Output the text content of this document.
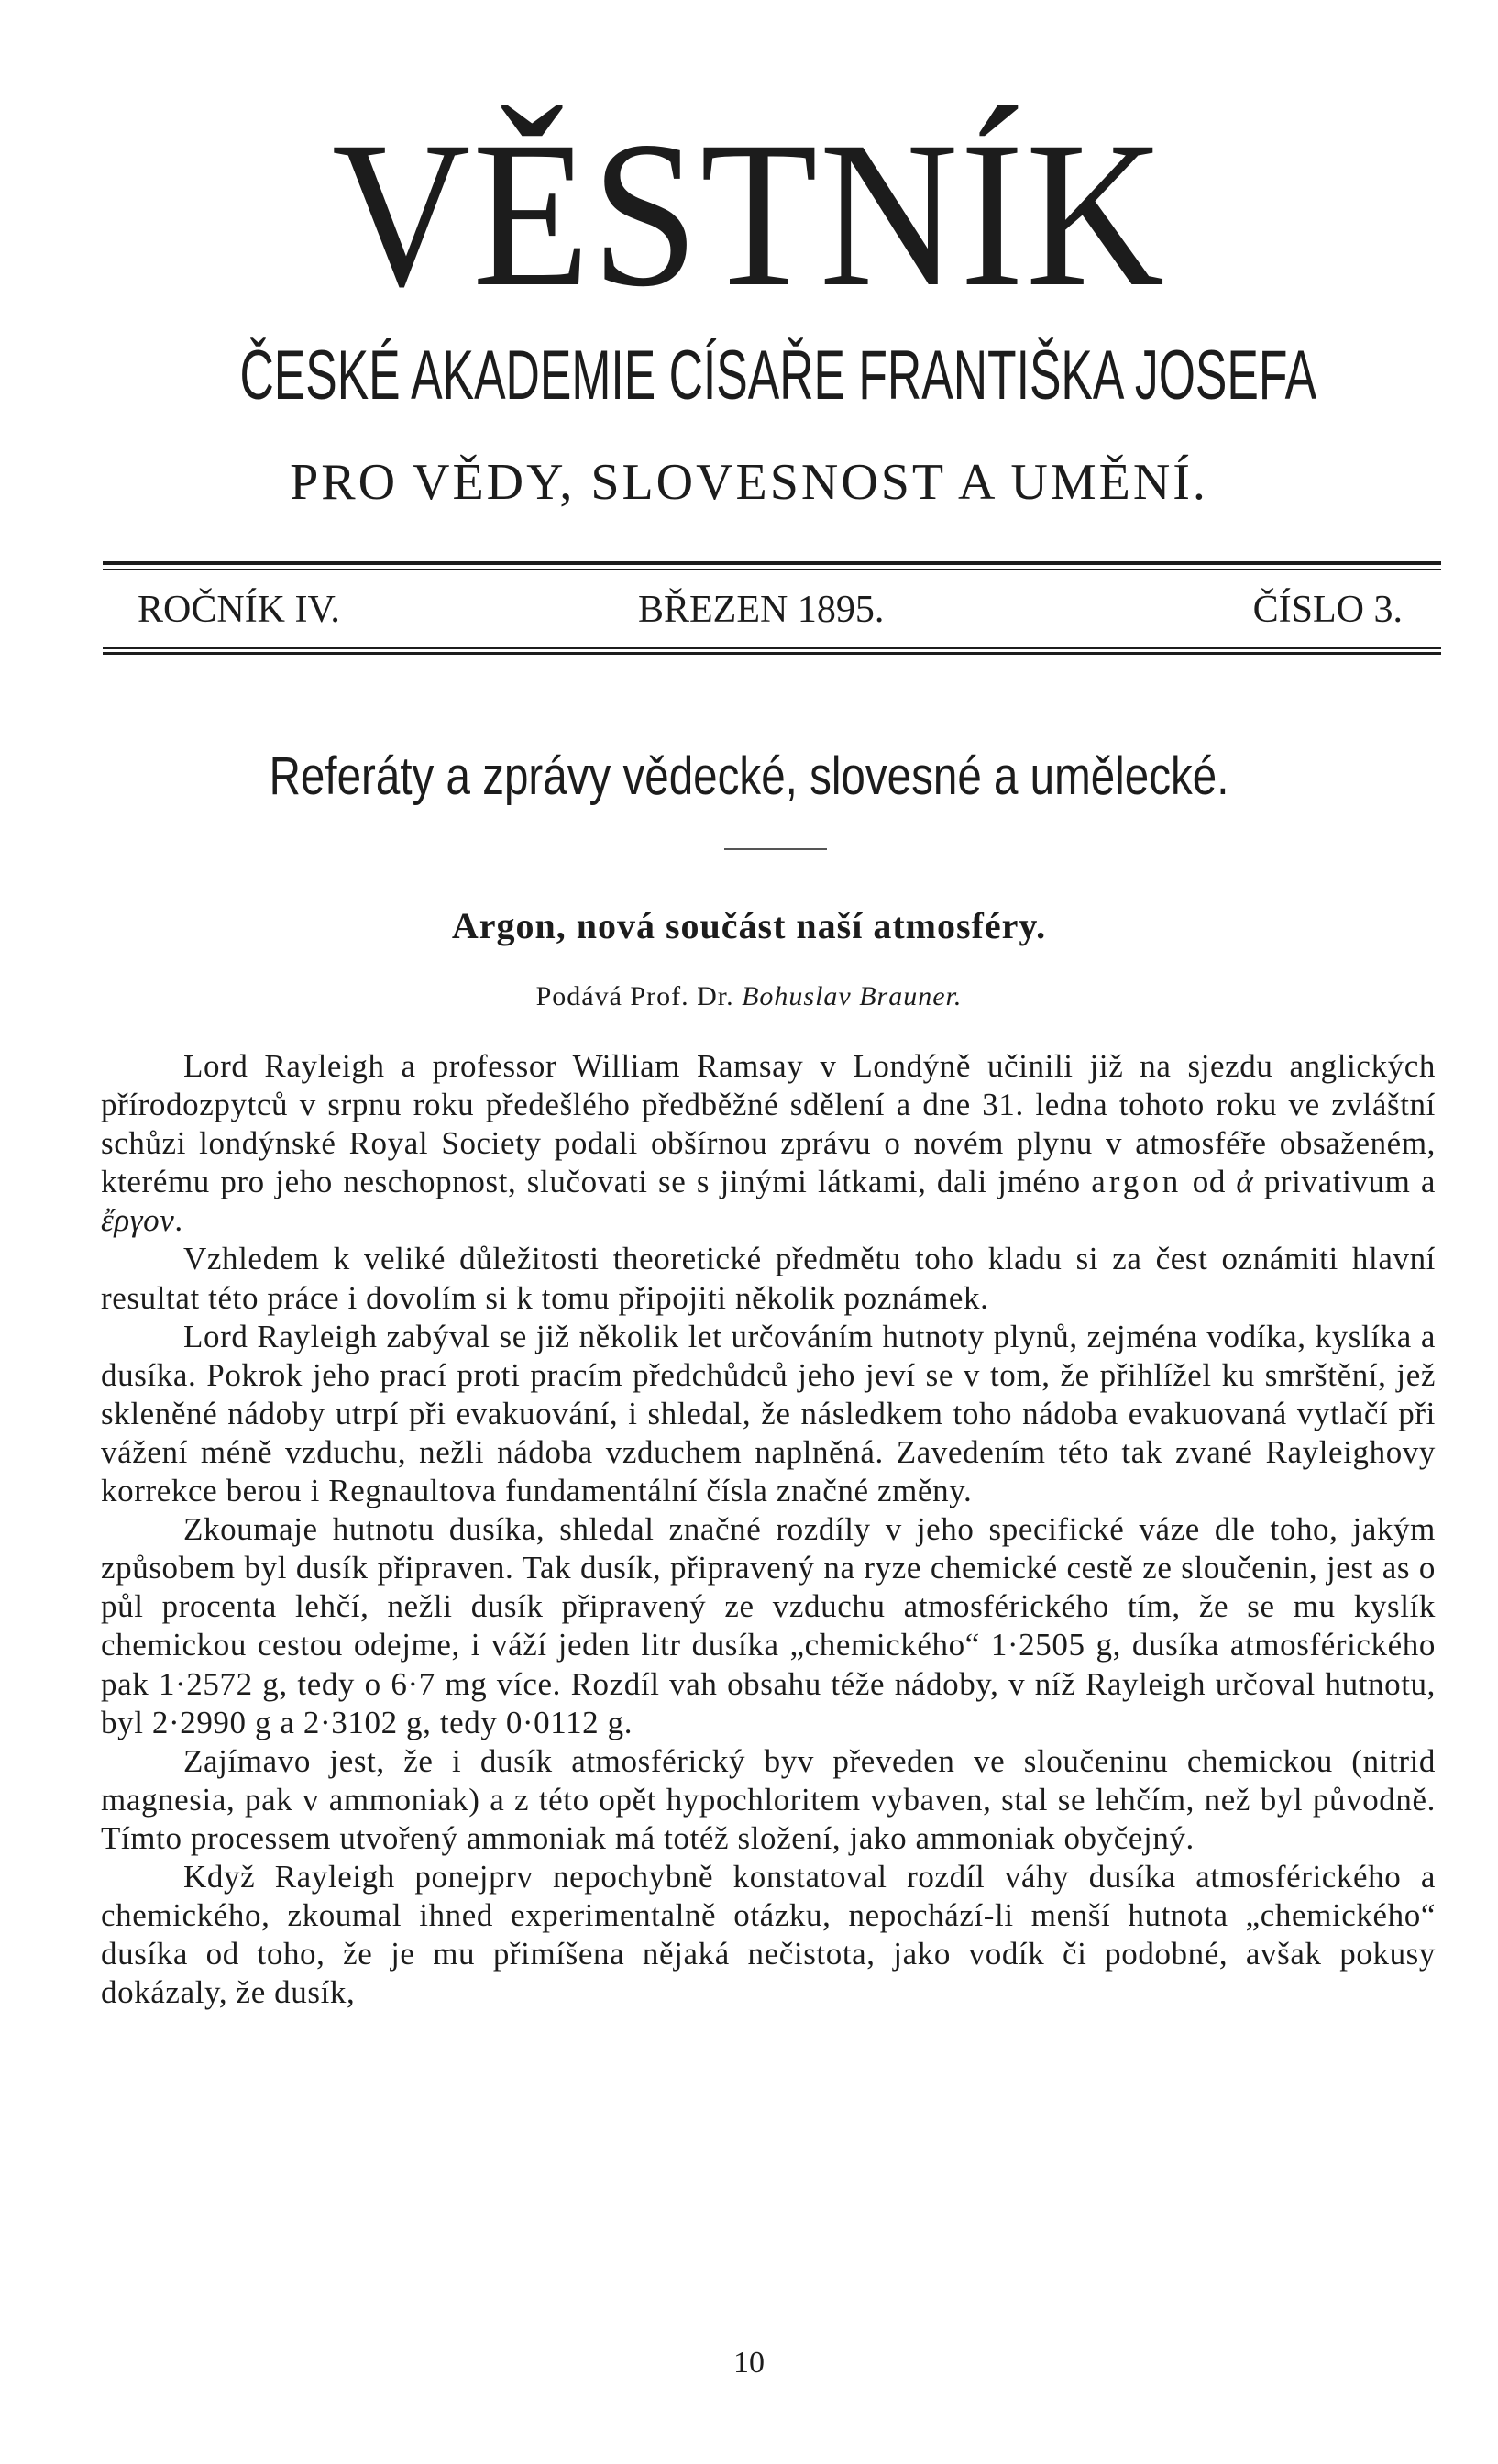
VĚSTNÍK
ČESKÉ AKADEMIE CÍSAŘE FRANTIŠKA JOSEFA
PRO VĚDY, SLOVESNOST A UMĚNÍ.
ROČNÍK IV.	BŘEZEN 1895.	ČÍSLO 3.
Referáty a zprávy vědecké, slovesné a umělecké.
Argon, nová součást naší atmosféry.
Podává Prof. Dr. Bohuslav Brauner.

Lord Rayleigh a professor William Ramsay v Londýně učinili již na sjezdu anglických přírodozpytců v srpnu roku předešlého předběžné sdělení a dne 31. ledna tohoto roku ve zvláštní schůzi londýnské Royal Society podali obšírnou zprávu o novém plynu v atmosféře obsaženém, kterému pro jeho neschopnost, slučovati se s jinými látkami, dali jméno argon od ἀ privativum a ἔργον.

Vzhledem k veliké důležitosti theoretické předmětu toho kladu si za čest oznámiti hlavní resultat této práce i dovolím si k tomu připojiti několik poznámek.

Lord Rayleigh zabýval se již několik let určováním hutnoty plynů, zejména vodíka, kyslíka a dusíka. Pokrok jeho prací proti pracím předchůdců jeho jeví se v tom, že přihlížel ku smrštění, jež skleněné nádoby utrpí při evakuování, i shledal, že následkem toho nádoba evakuovaná vytlačí při vážení méně vzduchu, nežli nádoba vzduchem naplněná. Zavedením této tak zvané Rayleighovy korrekce berou i Regnaultova fundamentální čísla značné změny.

Zkoumaje hutnotu dusíka, shledal značné rozdíly v jeho specifické váze dle toho, jakým způsobem byl dusík připraven. Tak dusík, připravený na ryze chemické cestě ze sloučenin, jest as o půl procenta lehčí, nežli dusík připravený ze vzduchu atmosférického tím, že se mu kyslík chemickou cestou odejme, i váží jeden litr dusíka „chemického“ 1·2505 g, dusíka atmosférického pak 1·2572 g, tedy o 6·7 mg více. Rozdíl vah obsahu téže nádoby, v níž Rayleigh určoval hutnotu, byl 2·2990 g a 2·3102 g, tedy 0·0112 g.

Zajímavo jest, že i dusík atmosférický byv převeden ve sloučeninu chemickou (nitrid magnesia, pak v ammoniak) a z této opět hypochloritem vybaven, stal se lehčím, než byl původně. Tímto processem utvořený ammoniak má totéž složení, jako ammoniak obyčejný.

Když Rayleigh ponejprv nepochybně konstatoval rozdíl váhy dusíka atmosférického a chemického, zkoumal ihned experimentalně otázku, nepochází-li menší hutnota „chemického“ dusíka od toho, že je mu přimíšena nějaká nečistota, jako vodík či podobné, avšak pokusy dokázaly, že dusík,

10
